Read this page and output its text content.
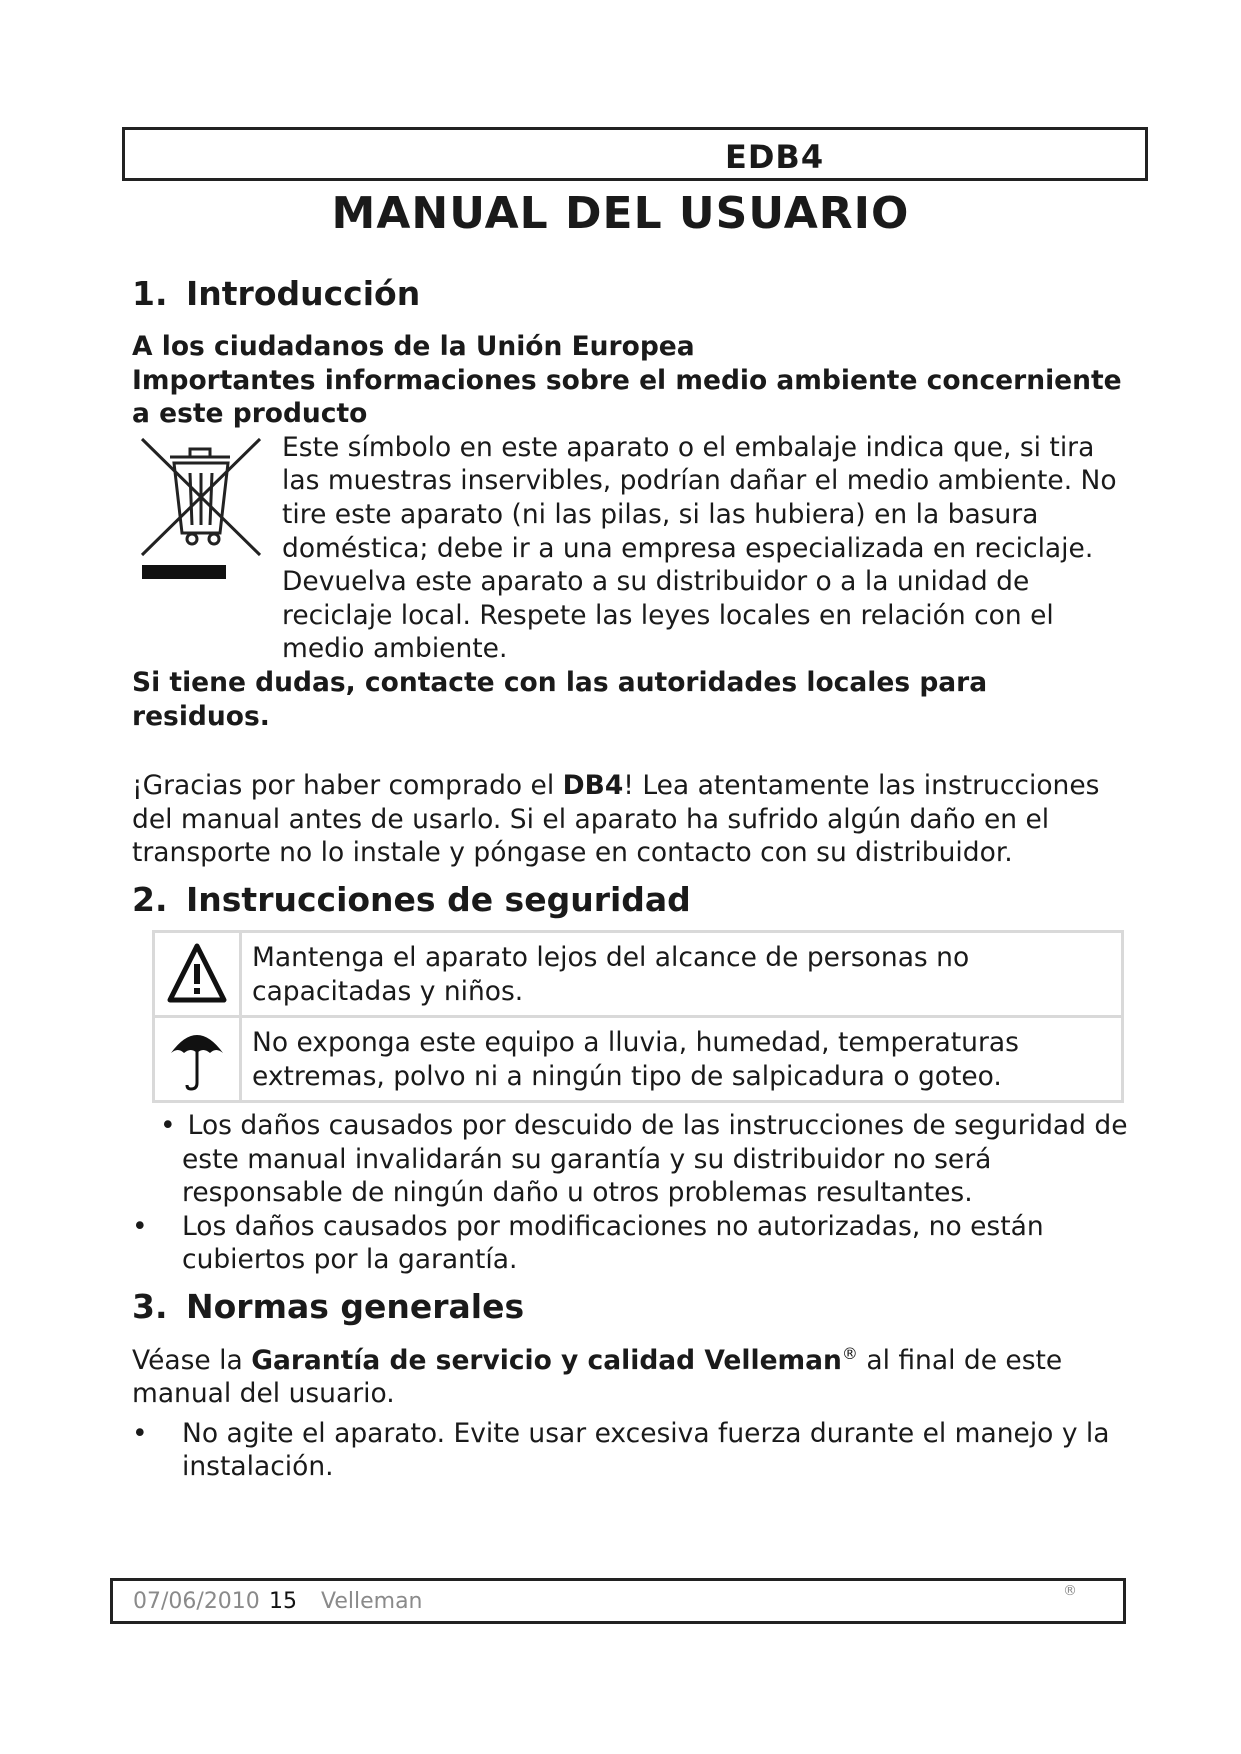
EDB4
MANUAL DEL USUARIO
1. Introducción

A los ciudadanos de la Unión Europea

Importantes informaciones sobre el medio ambiente concerniente a este producto

Este símbolo en este aparato o el embalaje indica que, si tira las muestras inservibles, podrían dañar el medio ambiente. No tire este aparato (ni las pilas, si las hubiera) en la basura doméstica; debe ir a una empresa especializada en reciclaje. Devuelva este aparato a su distribuidor o a la unidad de reciclaje local. Respete las leyes locales en relación con el medio ambiente.

Si tiene dudas, contacte con las autoridades locales para residuos.

¡Gracias por haber comprado el DB4! Lea atentamente las instrucciones del manual antes de usarlo. Si el aparato ha sufrido algún daño en el transporte no lo instale y póngase en contacto con su distribuidor.

2. Instrucciones de seguridad

Mantenga el aparato lejos del alcance de personas no capacitadas y niños.

No exponga este equipo a lluvia, humedad, temperaturas extremas, polvo ni a ningún tipo de salpicadura o goteo.

• Los daños causados por descuido de las instrucciones de seguridad de este manual invalidarán su garantía y su distribuidor no será responsable de ningún daño u otros problemas resultantes.
• Los daños causados por modificaciones no autorizadas, no están cubiertos por la garantía.
3. Normas generales

Véase la Garantía de servicio y calidad Velleman® al final de este manual del usuario.

• No agite el aparato. Evite usar excesiva fuerza durante el manejo y la instalación.
07/06/2010 15 Velleman	®
